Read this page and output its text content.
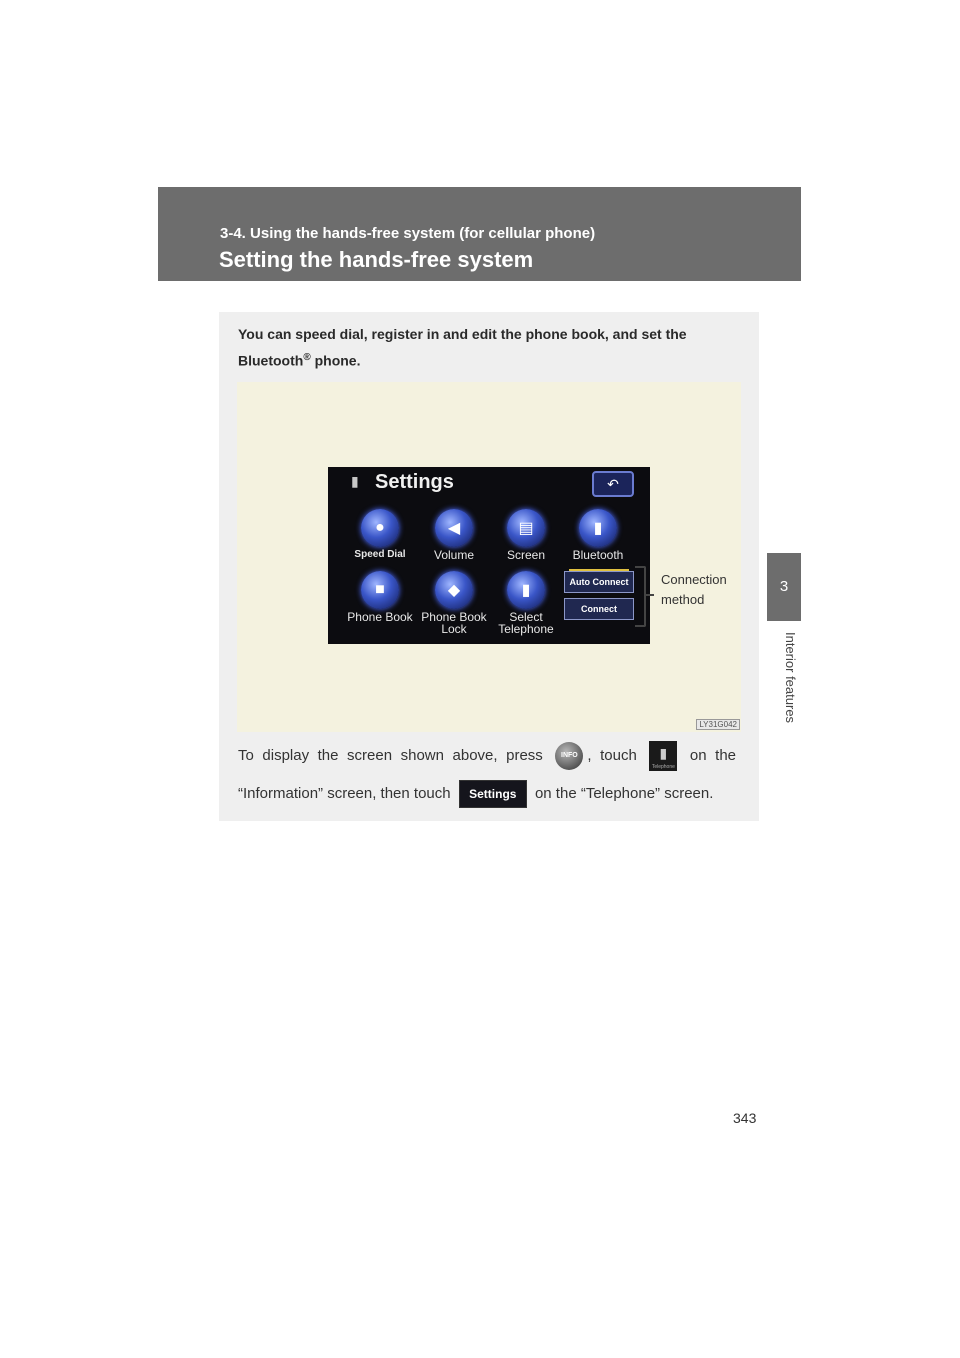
3-4. Using the hands-free system (for cellular phone)
Setting the hands-free system
3
Interior features
You can speed dial, register in and edit the phone book, and set the
Bluetooth® phone.
▮ Settings	↶
●
Speed Dial
◀
Volume
▤
Screen
▮
Bluetooth
■
Phone Book
◆
Phone Book Lock
▮
Select Telephone
Auto Connect
Connect
Connection
method
LY31G042
To display the screen shown above, press	INFO , touch ▮
Telephone
on the “Information” screen, then touch Settings on the “Telephone” screen.
343
